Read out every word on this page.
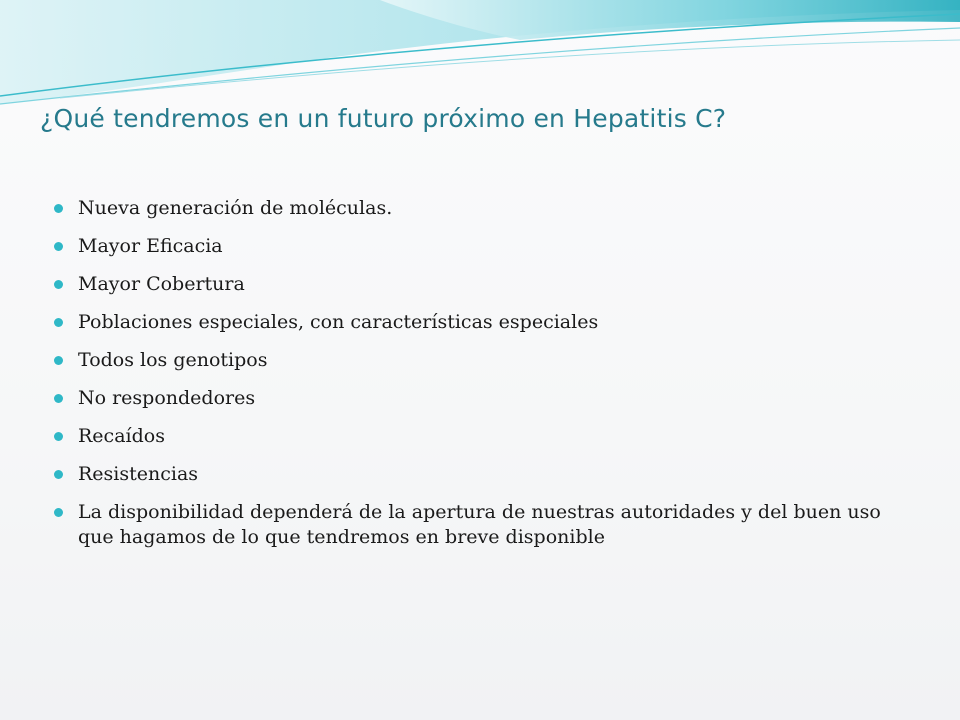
¿Qué tendremos en un futuro próximo en Hepatitis C?
Nueva generación de moléculas.
Mayor Eficacia
Mayor Cobertura
Poblaciones especiales, con características especiales
Todos los genotipos
No respondedores
Recaídos
Resistencias
La disponibilidad dependerá de la apertura de nuestras autoridades y del buen uso que hagamos de lo que tendremos en breve disponible
